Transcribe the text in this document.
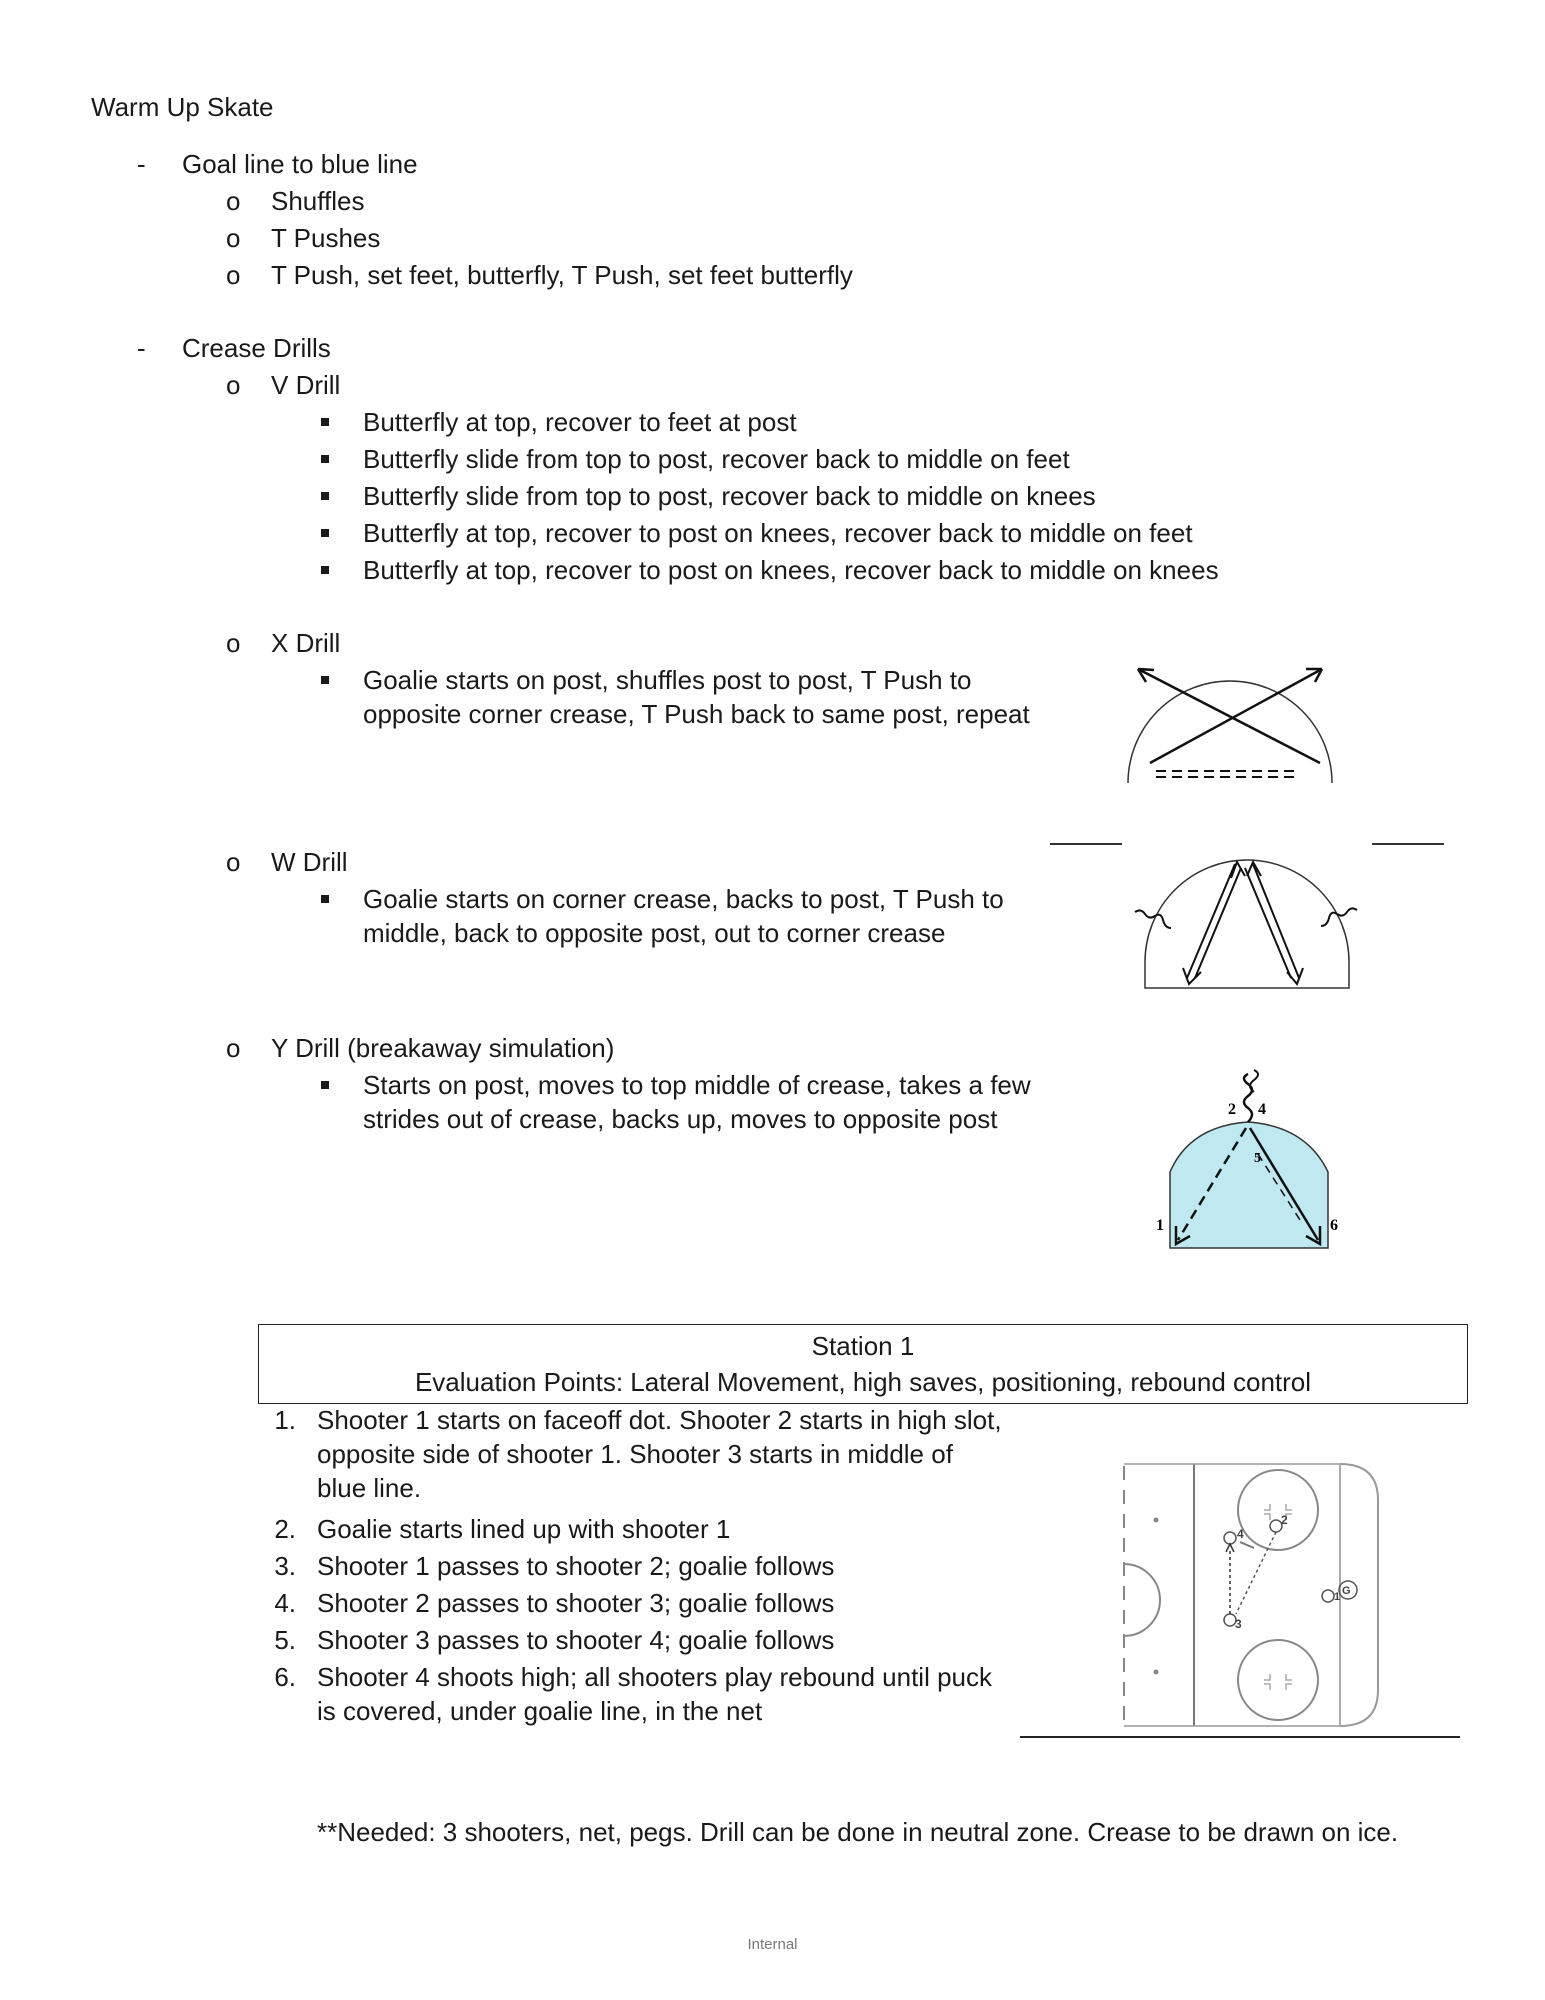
Warm Up Skate
- Goal line to blue line
o Shuffles
o T Pushes
o T Push, set feet, butterfly, T Push, set feet butterfly
- Crease Drills
o V Drill
Butterfly at top, recover to feet at post
Butterfly slide from top to post, recover back to middle on feet
Butterfly slide from top to post, recover back to middle on knees
Butterfly at top, recover to post on knees, recover back to middle on feet
Butterfly at top, recover to post on knees, recover back to middle on knees
o X Drill
Goalie starts on post, shuffles post to post, T Push to opposite corner crease, T Push back to same post, repeat
o W Drill
Goalie starts on corner crease, backs to post, T Push to middle, back to opposite post, out to corner crease
o Y Drill (breakaway simulation)
Starts on post, moves to top middle of crease, takes a few strides out of crease, backs up, moves to opposite post	2 4
5
1	6
Station 1
Evaluation Points: Lateral Movement, high saves, positioning, rebound control
1. Shooter 1 starts on faceoff dot. Shooter 2 starts in high slot, opposite side of shooter 1. Shooter 3 starts in middle of blue line.
2. Goalie starts lined up with shooter 1
3. Shooter 1 passes to shooter 2; goalie follows
4. Shooter 2 passes to shooter 3; goalie follows
5. Shooter 3 passes to shooter 4; goalie follows
6. Shooter 4 shoots high; all shooters play rebound until puck is covered, under goalie line, in the net
2
4
3
1 G
**Needed: 3 shooters, net, pegs. Drill can be done in neutral zone. Crease to be drawn on ice.
Internal
